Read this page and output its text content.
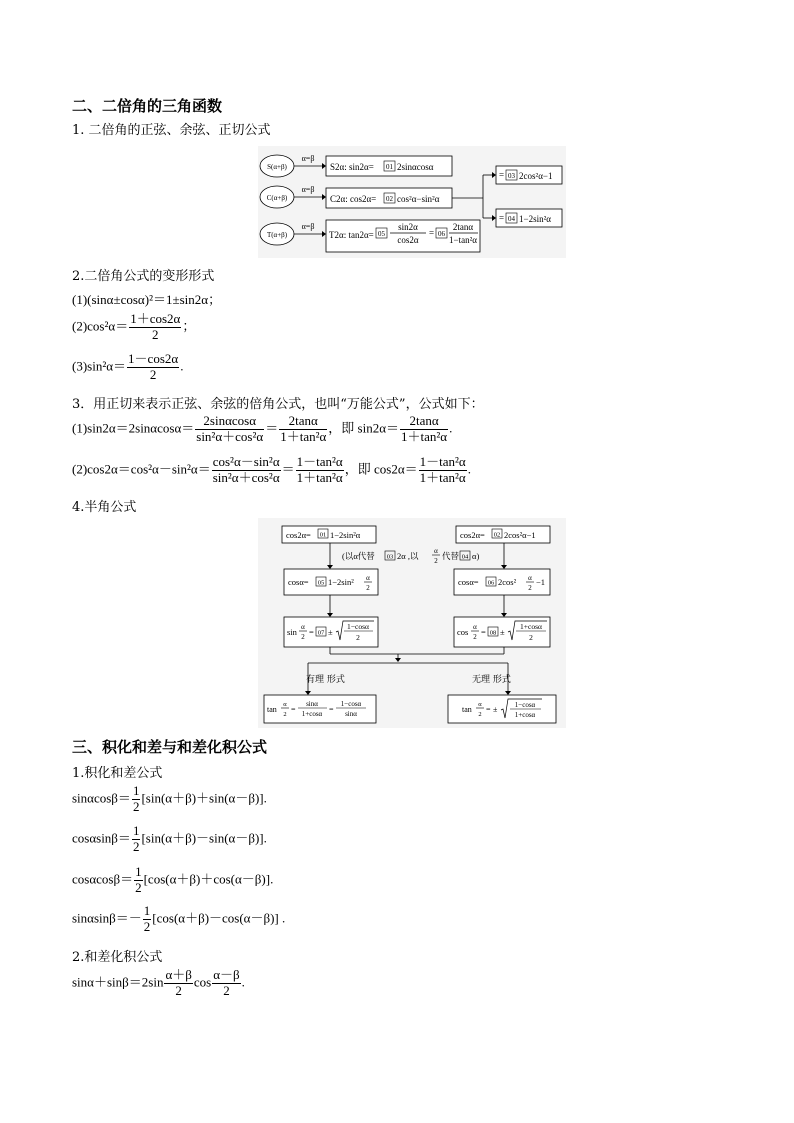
二、二倍角的三角函数
1. 二倍角的正弦、余弦、正切公式
S(α+β)
C(α+β)
T(α+β)
α=β
α=β
α=β
S2α: sin2α= 01 2sinαcosα
C2α: cos2α= 02 cos²α−sin²α
T2α: tan2α= 05
sin2α
cos2α
= 06
2tanα
1−tan²α
= 03 2cos²α−1
= 04 1−2sin²α
2.二倍角公式的变形形式
(1)(sinα±cosα)²＝1±sin2α；
$(2)\cos^2\alpha= \frac{1+\cos 2\alpha}{2}$ ；
$(3)\sin^2\alpha= \frac{1-\cos 2\alpha}{2}$ .
3．用正切来表示正弦、余弦的倍角公式，也叫“万能公式”，公式如下：
$(1)\sin 2\alpha=2\sin\alpha\cos\alpha= \frac{2\sin\alpha\cos\alpha}{\text{sin²α＋cos²α}} = \frac{2\tan\alpha}{\text{1＋tan²α}}$ ，即 $\sin 2\alpha= \frac{2\tan\alpha}{\text{1＋tan²α}}$ .
$(2)\cos 2\alpha=\cos^2\alpha-\sin^2\alpha= \frac{\text{cos²α－sin²α}}{\text{sin²α＋cos²α}} = \frac{\text{1－tan²α}}{\text{1＋tan²α}}$ ，即 $\cos 2\alpha= \frac{\text{1－tan²α}}{\text{1＋tan²α}}$ .
4.半角公式
cos2α= 01 1−2sin²α	cos2α= 02 2cos²α−1
(以α代替 03 2α ,以 α
2 代替 04 α)
cosα= 05 1−2sin² α
2
cosα= 06 2cos² α
2
−1
sin α
2 = 07 ±
1−cosα
2
cos α
2 = 08 ±
1+cosα
2
有理 形式	无理 形式
tan
α
2
=
sinα
1+cosα =
1−cosα
sinα	tan
α
2
= ± 1−cosα
1+cosα
三、积化和差与和差化积公式
1.积化和差公式
$\sin\alpha\cos\beta= \frac{1}{2} [\sin(\alpha+\beta)+\sin(\alpha-\beta)]$.
$\cos\alpha\sin\beta= \frac{1}{2} [\sin(\alpha+\beta)-\sin(\alpha-\beta)]$.
$\cos\alpha\cos\beta= \frac{1}{2} [\cos(\alpha+\beta)+\cos(\alpha-\beta)]$.
$\sin\alpha\sin\beta=- \frac{1}{2} [\cos(\alpha+\beta)-\cos(\alpha-\beta)]$ .
2.和差化积公式
$\sin\alpha+\sin\beta=2\sin \frac{\alpha+\beta}{2}$ $\cos \frac{\alpha-\beta}{2}$ .
